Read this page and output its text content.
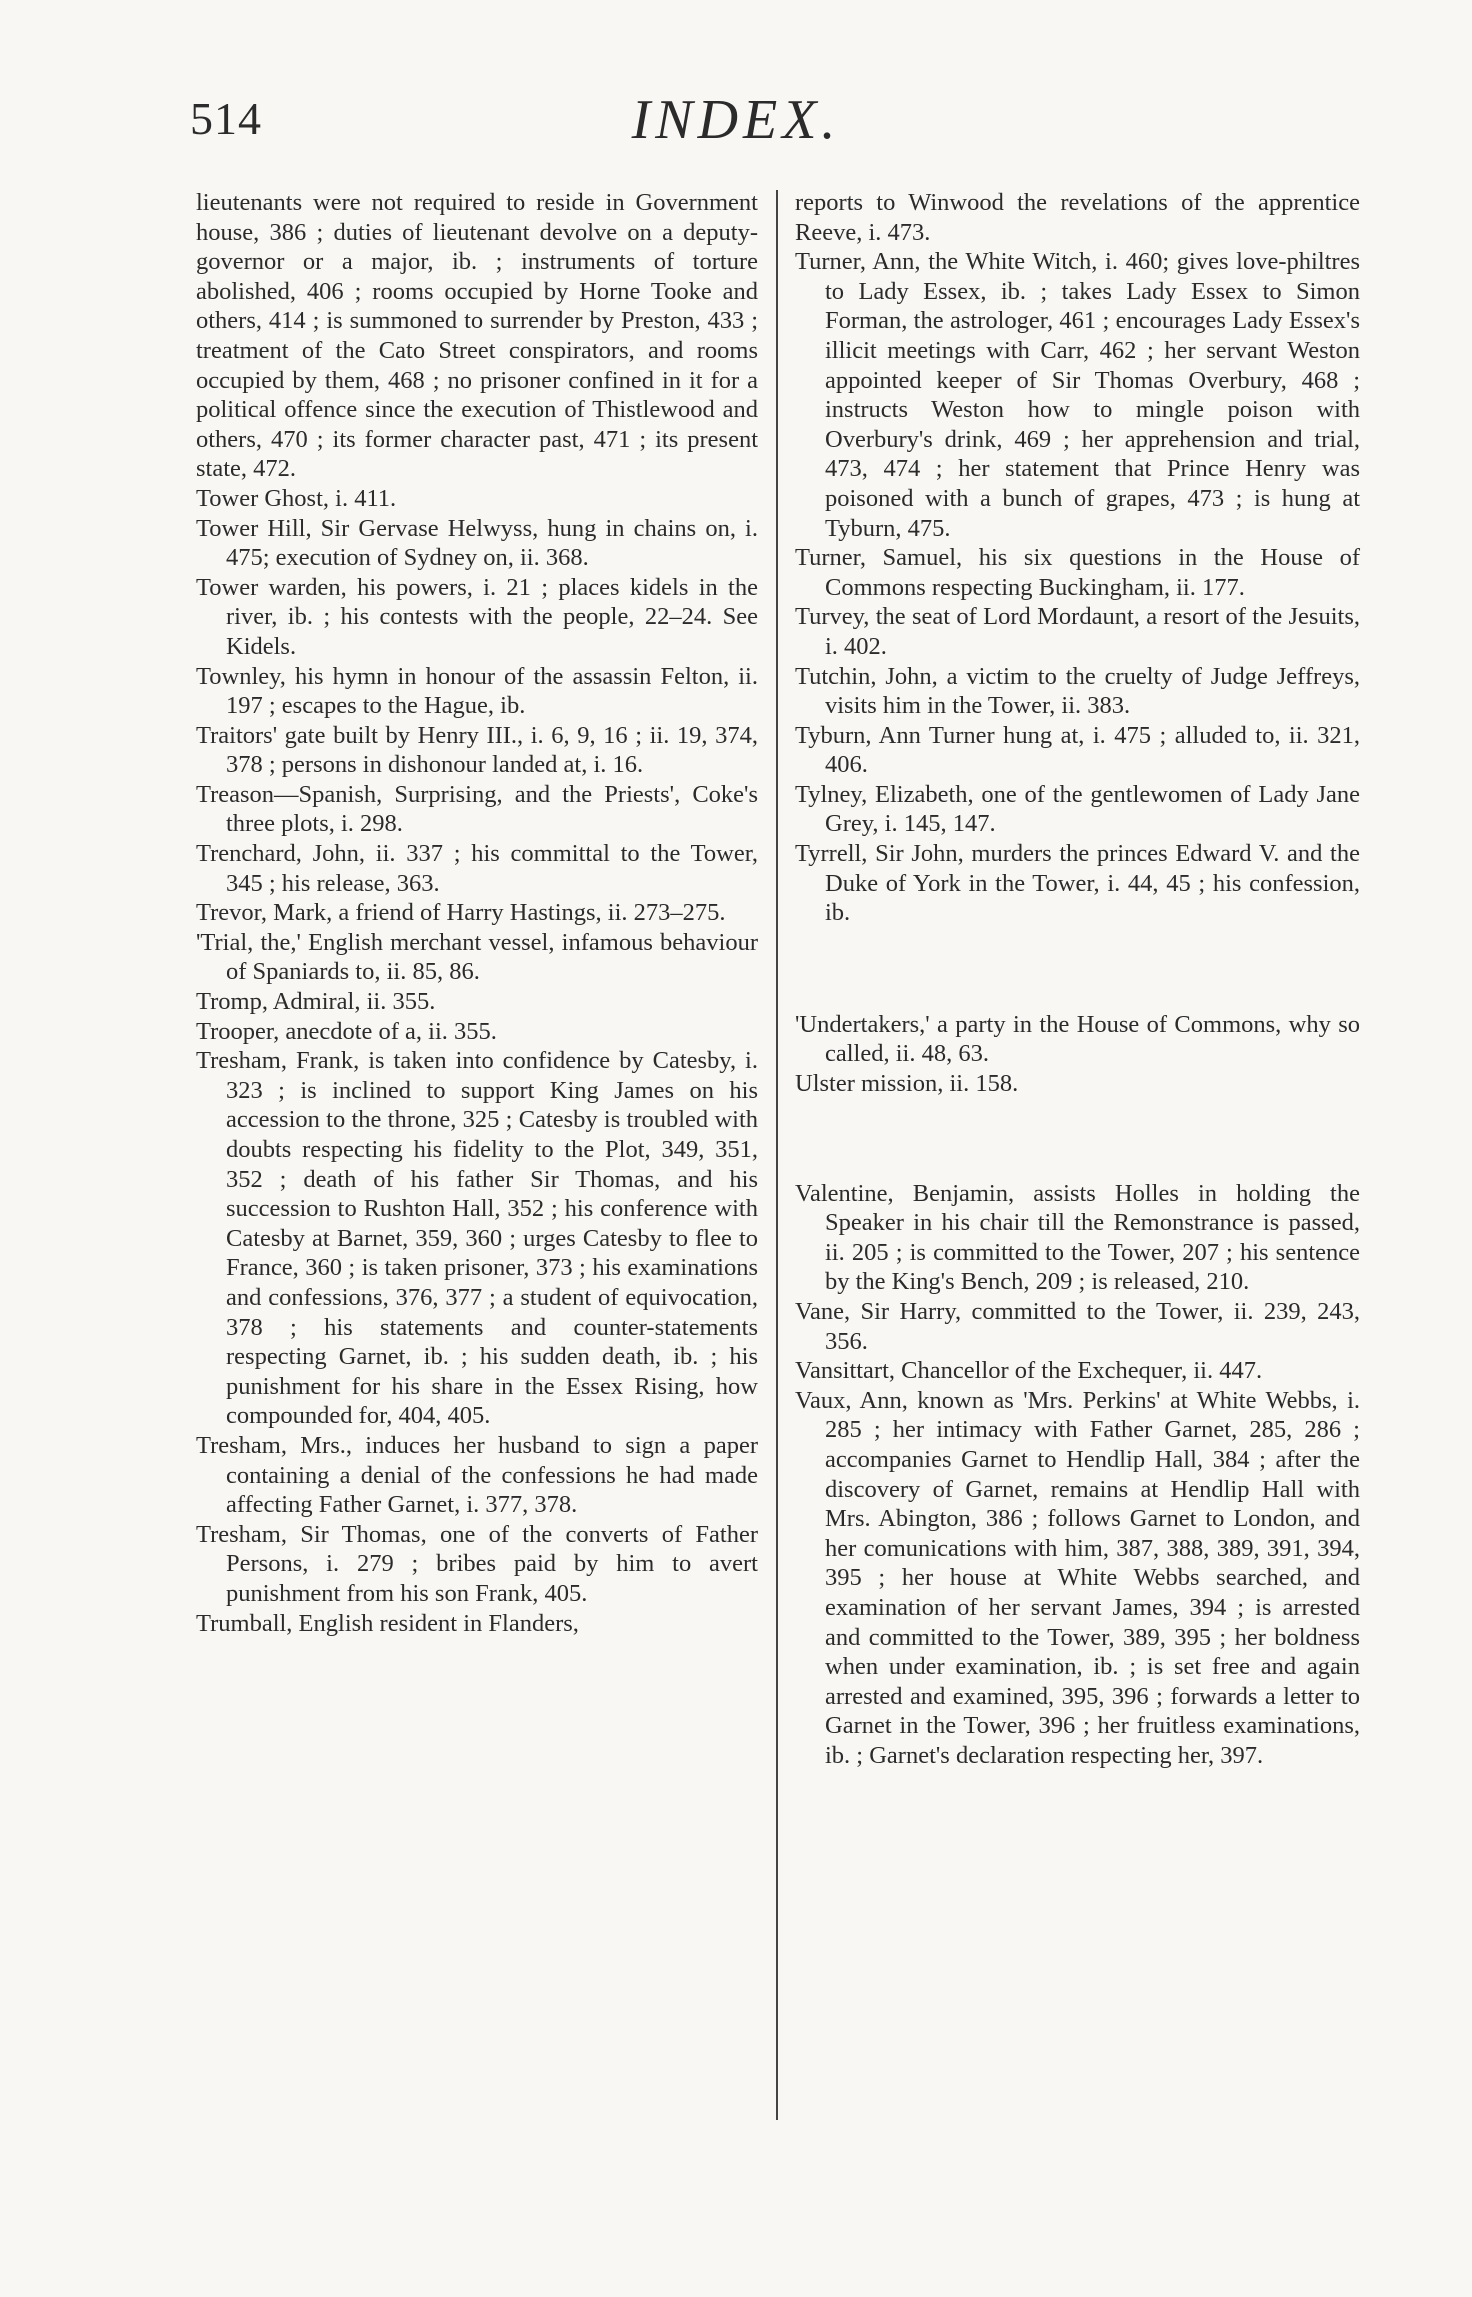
514	INDEX.

lieutenants were not required to reside in Government house, 386 ; duties of lieutenant devolve on a deputy-governor or a major, ib. ; instruments of torture abolished, 406 ; rooms occupied by Horne Tooke and others, 414 ; is summoned to surrender by Preston, 433 ; treatment of the Cato Street conspirators, and rooms occupied by them, 468 ; no prisoner confined in it for a political offence since the execution of Thistlewood and others, 470 ; its former character past, 471 ; its present state, 472.

Tower Ghost, i. 411.

Tower Hill, Sir Gervase Helwyss, hung in chains on, i. 475; execution of Sydney on, ii. 368.

Tower warden, his powers, i. 21 ; places kidels in the river, ib. ; his contests with the people, 22–24. See Kidels.

Townley, his hymn in honour of the assassin Felton, ii. 197 ; escapes to the Hague, ib.

Traitors' gate built by Henry III., i. 6, 9, 16 ; ii. 19, 374, 378 ; persons in dishonour landed at, i. 16.

Treason—Spanish, Surprising, and the Priests', Coke's three plots, i. 298.

Trenchard, John, ii. 337 ; his committal to the Tower, 345 ; his release, 363.

Trevor, Mark, a friend of Harry Hastings, ii. 273–275.

'Trial, the,' English merchant vessel, infamous behaviour of Spaniards to, ii. 85, 86.

Tromp, Admiral, ii. 355.

Trooper, anecdote of a, ii. 355.

Tresham, Frank, is taken into confidence by Catesby, i. 323 ; is inclined to support King James on his accession to the throne, 325 ; Catesby is troubled with doubts respecting his fidelity to the Plot, 349, 351, 352 ; death of his father Sir Thomas, and his succession to Rushton Hall, 352 ; his conference with Catesby at Barnet, 359, 360 ; urges Catesby to flee to France, 360 ; is taken prisoner, 373 ; his examinations and confessions, 376, 377 ; a student of equivocation, 378 ; his statements and counter-statements respecting Garnet, ib. ; his sudden death, ib. ; his punishment for his share in the Essex Rising, how compounded for, 404, 405.

Tresham, Mrs., induces her husband to sign a paper containing a denial of the confessions he had made affecting Father Garnet, i. 377, 378.

Tresham, Sir Thomas, one of the converts of Father Persons, i. 279 ; bribes paid by him to avert punishment from his son Frank, 405.

Trumball, English resident in Flanders,

reports to Winwood the revelations of the apprentice Reeve, i. 473.

Turner, Ann, the White Witch, i. 460; gives love-philtres to Lady Essex, ib. ; takes Lady Essex to Simon Forman, the astrologer, 461 ; encourages Lady Essex's illicit meetings with Carr, 462 ; her servant Weston appointed keeper of Sir Thomas Overbury, 468 ; instructs Weston how to mingle poison with Overbury's drink, 469 ; her apprehension and trial, 473, 474 ; her statement that Prince Henry was poisoned with a bunch of grapes, 473 ; is hung at Tyburn, 475.

Turner, Samuel, his six questions in the House of Commons respecting Buckingham, ii. 177.

Turvey, the seat of Lord Mordaunt, a resort of the Jesuits, i. 402.

Tutchin, John, a victim to the cruelty of Judge Jeffreys, visits him in the Tower, ii. 383.

Tyburn, Ann Turner hung at, i. 475 ; alluded to, ii. 321, 406.

Tylney, Elizabeth, one of the gentlewomen of Lady Jane Grey, i. 145, 147.

Tyrrell, Sir John, murders the princes Edward V. and the Duke of York in the Tower, i. 44, 45 ; his confession, ib.

'Undertakers,' a party in the House of Commons, why so called, ii. 48, 63.

Ulster mission, ii. 158.

Valentine, Benjamin, assists Holles in holding the Speaker in his chair till the Remonstrance is passed, ii. 205 ; is committed to the Tower, 207 ; his sentence by the King's Bench, 209 ; is released, 210.

Vane, Sir Harry, committed to the Tower, ii. 239, 243, 356.

Vansittart, Chancellor of the Exchequer, ii. 447.

Vaux, Ann, known as 'Mrs. Perkins' at White Webbs, i. 285 ; her intimacy with Father Garnet, 285, 286 ; accompanies Garnet to Hendlip Hall, 384 ; after the discovery of Garnet, remains at Hendlip Hall with Mrs. Abington, 386 ; follows Garnet to London, and her comunications with him, 387, 388, 389, 391, 394, 395 ; her house at White Webbs searched, and examination of her servant James, 394 ; is arrested and committed to the Tower, 389, 395 ; her boldness when under examination, ib. ; is set free and again arrested and examined, 395, 396 ; forwards a letter to Garnet in the Tower, 396 ; her fruitless examinations, ib. ; Garnet's declaration respecting her, 397.
